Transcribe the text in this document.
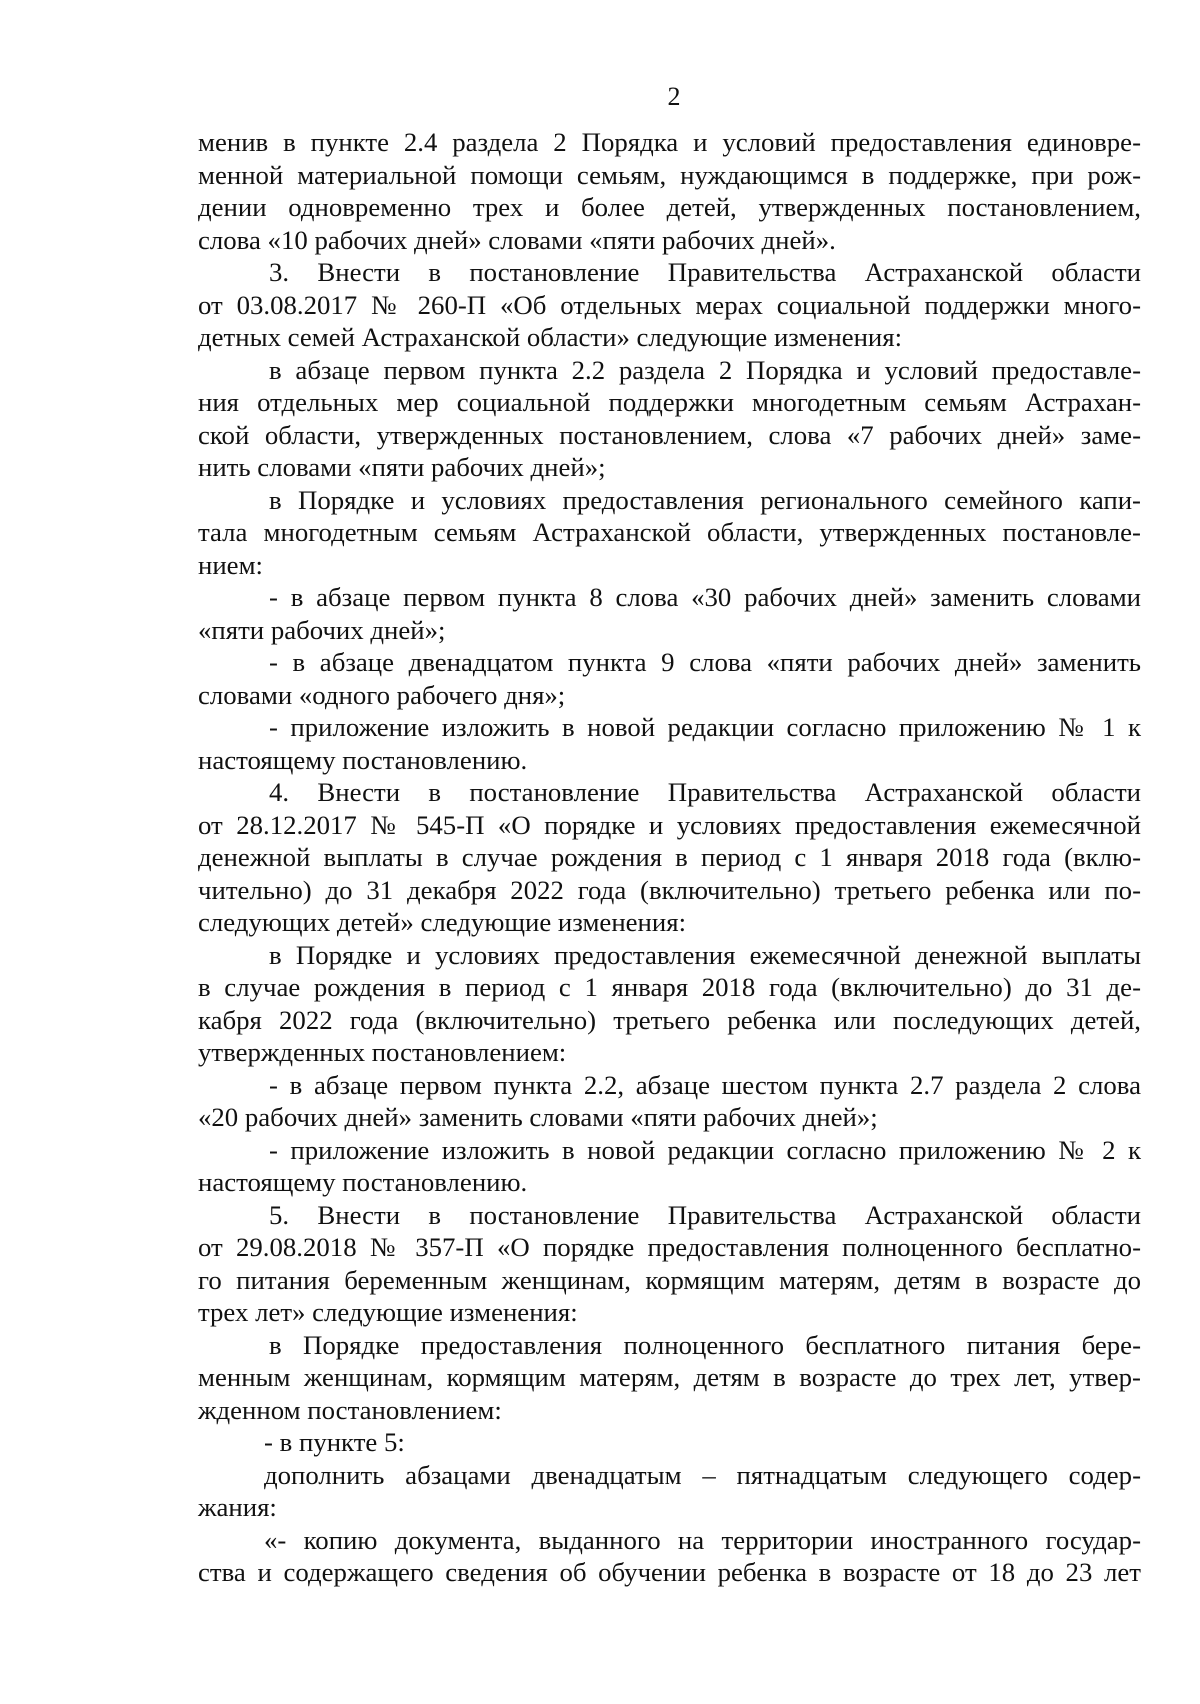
2
менив в пункте 2.4 раздела 2 Порядка и условий предоставления единовре-
менной материальной помощи семьям, нуждающимся в поддержке, при рож-
дении одновременно трех и более детей, утвержденных постановлением,
слова «10 рабочих дней» словами «пяти рабочих дней».
3. Внести в постановление Правительства Астраханской области
от 03.08.2017 № 260-П «Об отдельных мерах социальной поддержки много-
детных семей Астраханской области» следующие изменения:
в абзаце первом пункта 2.2 раздела 2 Порядка и условий предоставле-
ния отдельных мер социальной поддержки многодетным семьям Астрахан-
ской области, утвержденных постановлением, слова «7 рабочих дней» заме-
нить словами «пяти рабочих дней»;
в Порядке и условиях предоставления регионального семейного капи-
тала многодетным семьям Астраханской области, утвержденных постановле-
нием:
- в абзаце первом пункта 8 слова «30 рабочих дней» заменить словами
«пяти рабочих дней»;
- в абзаце двенадцатом пункта 9 слова «пяти рабочих дней» заменить
словами «одного рабочего дня»;
- приложение изложить в новой редакции согласно приложению № 1 к
настоящему постановлению.
4. Внести в постановление Правительства Астраханской области
от 28.12.2017 № 545-П «О порядке и условиях предоставления ежемесячной
денежной выплаты в случае рождения в период с 1 января 2018 года (вклю-
чительно) до 31 декабря 2022 года (включительно) третьего ребенка или по-
следующих детей» следующие изменения:
в Порядке и условиях предоставления ежемесячной денежной выплаты
в случае рождения в период с 1 января 2018 года (включительно) до 31 де-
кабря 2022 года (включительно) третьего ребенка или последующих детей,
утвержденных постановлением:
- в абзаце первом пункта 2.2, абзаце шестом пункта 2.7 раздела 2 слова
«20 рабочих дней» заменить словами «пяти рабочих дней»;
- приложение изложить в новой редакции согласно приложению № 2 к
настоящему постановлению.
5. Внести в постановление Правительства Астраханской области
от 29.08.2018 № 357-П «О порядке предоставления полноценного бесплатно-
го питания беременным женщинам, кормящим матерям, детям в возрасте до
трех лет» следующие изменения:
в Порядке предоставления полноценного бесплатного питания бере-
менным женщинам, кормящим матерям, детям в возрасте до трех лет, утвер-
жденном постановлением:
- в пункте 5:
дополнить абзацами двенадцатым – пятнадцатым следующего содер-
жания:
«- копию документа, выданного на территории иностранного государ-
ства и содержащего сведения об обучении ребенка в возрасте от 18 до 23 лет
